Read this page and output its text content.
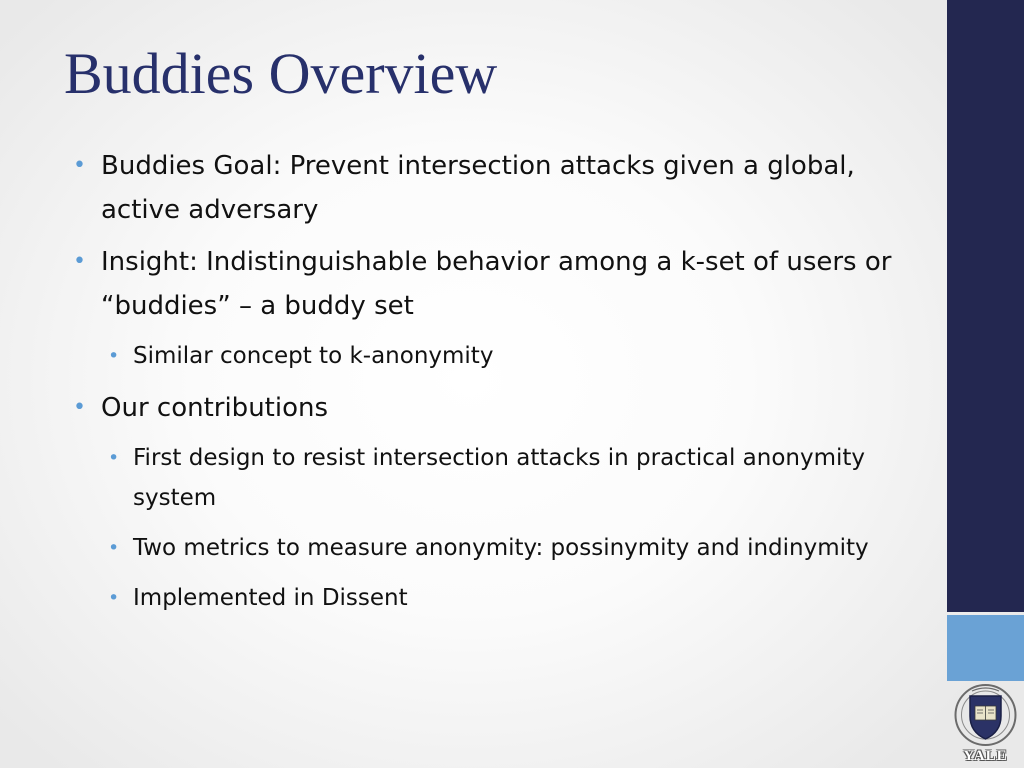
Buddies Overview
• Buddies Goal: Prevent intersection attacks given a global, active adversary
• Insight: Indistinguishable behavior among a k-set of users or “buddies” – a buddy set
• Similar concept to k-anonymity
• Our contributions
• First design to resist intersection attacks in practical anonymity system
• Two metrics to measure anonymity: possinymity and indinymity
• Implemented in Dissent
YALE
